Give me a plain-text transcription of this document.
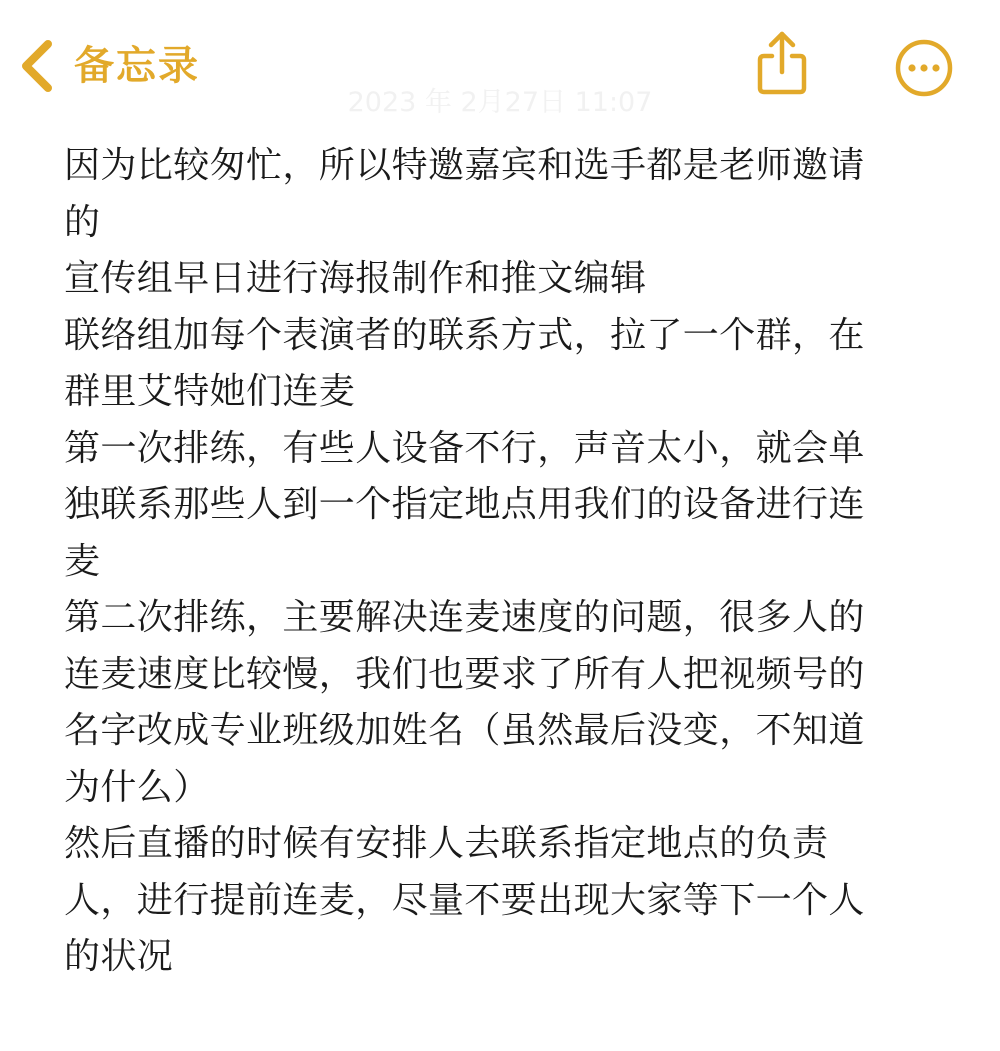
备忘录
2023 年 2月27日 11:07

因为比较匆忙，所以特邀嘉宾和选手都是老师邀请

的

宣传组早日进行海报制作和推文编辑

联络组加每个表演者的联系方式，拉了一个群，在

群里艾特她们连麦

第一次排练，有些人设备不行，声音太小，就会单

独联系那些人到一个指定地点用我们的设备进行连

麦

第二次排练，主要解决连麦速度的问题，很多人的

连麦速度比较慢，我们也要求了所有人把视频号的

名字改成专业班级加姓名（虽然最后没变，不知道

为什么）

然后直播的时候有安排人去联系指定地点的负责

人，进行提前连麦，尽量不要出现大家等下一个人

的状况
